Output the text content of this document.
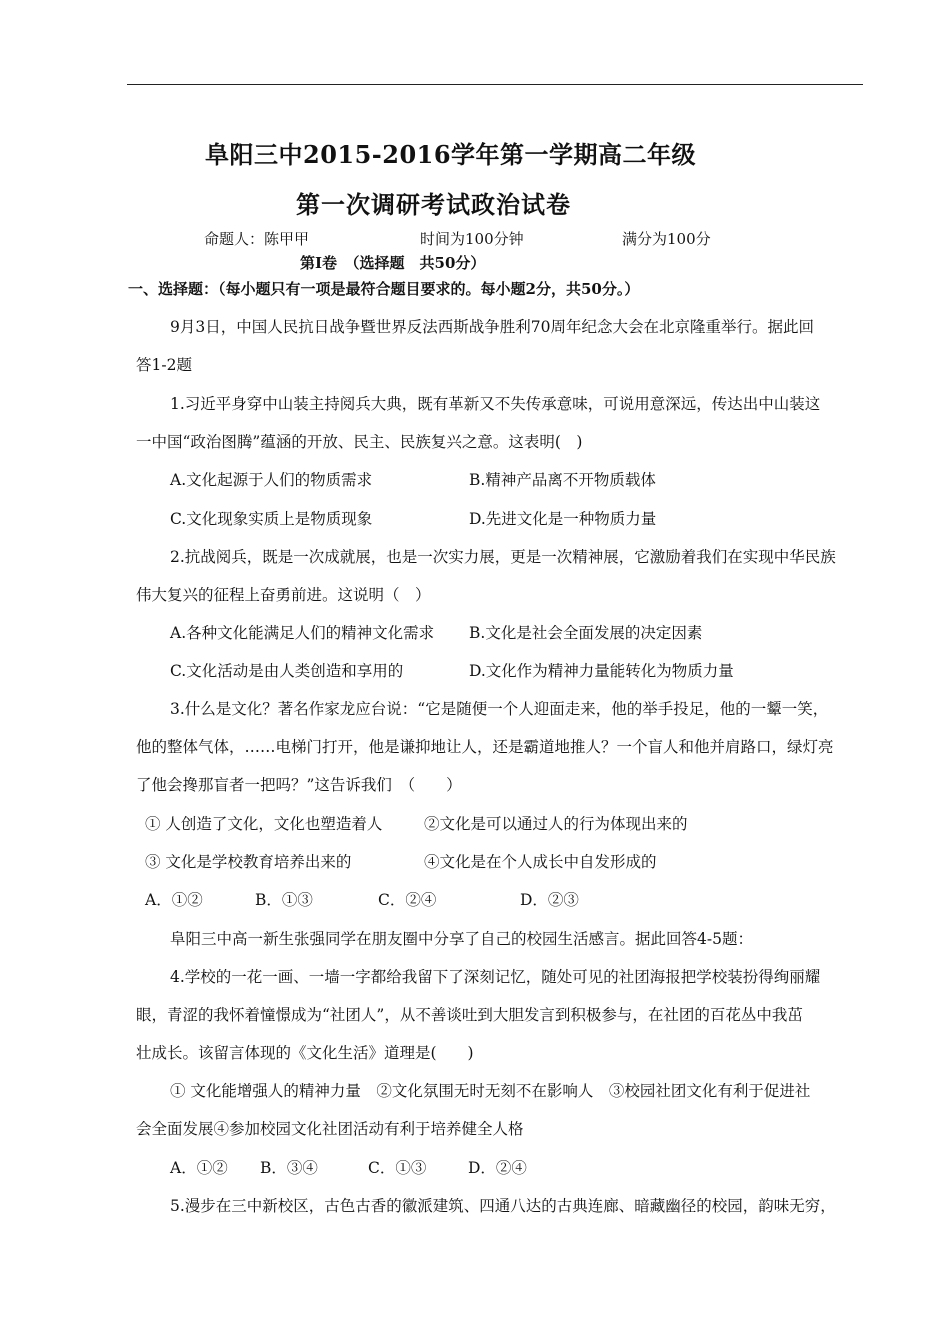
阜阳三中2015-2016学年第一学期高二年级
第一次调研考试政治试卷
命题人：陈甲甲	时间为100分钟	满分为100分
第Ⅰ卷　（选择题　共50分）
一、选择题：（每小题只有一项是最符合题目要求的。每小题2分，共50分。）
9月3日，中国人民抗日战争暨世界反法西斯战争胜利70周年纪念大会在北京隆重举行。据此回
答1-2题
1.习近平身穿中山装主持阅兵大典，既有革新又不失传承意味，可说用意深远，传达出中山装这
一中国“政治图腾”蕴涵的开放、民主、民族复兴之意。这表明(　)
A.文化起源于人们的物质需求	B.精神产品离不开物质载体
C.文化现象实质上是物质现象	D.先进文化是一种物质力量
2.抗战阅兵，既是一次成就展，也是一次实力展，更是一次精神展，它激励着我们在实现中华民族
伟大复兴的征程上奋勇前进。这说明（　）
A.各种文化能满足人们的精神文化需求 B.文化是社会全面发展的决定因素
C.文化活动是由人类创造和享用的	D.文化作为精神力量能转化为物质力量
3.什么是文化？著名作家龙应台说：“它是随便一个人迎面走来，他的举手投足，他的一颦一笑，
他的整体气体，……电梯门打开，他是谦抑地让人，还是霸道地推人？一个盲人和他并肩路口，绿灯亮
了他会搀那盲者一把吗？”这告诉我们　（　　）
① 人创造了文化，文化也塑造着人	②文化是可以通过人的行为体现出来的
③ 文化是学校教育培养出来的	④文化是在个人成长中自发形成的
A．①②	B．①③	C．②④	D．②③
阜阳三中高一新生张强同学在朋友圈中分享了自己的校园生活感言。据此回答4-5题：
4.学校的一花一画、一墙一字都给我留下了深刻记忆，随处可见的社团海报把学校装扮得绚丽耀
眼，青涩的我怀着憧憬成为“社团人”，从不善谈吐到大胆发言到积极参与，在社团的百花丛中我茁
壮成长。该留言体现的《文化生活》道理是(　　)
① 文化能增强人的精神力量　②文化氛围无时无刻不在影响人　③校园社团文化有利于促进社
会全面发展④参加校园文化社团活动有利于培养健全人格
A．①② B．③④	C．①③	D．②④
5.漫步在三中新校区，古色古香的徽派建筑、四通八达的古典连廊、暗藏幽径的校园，韵味无穷，
